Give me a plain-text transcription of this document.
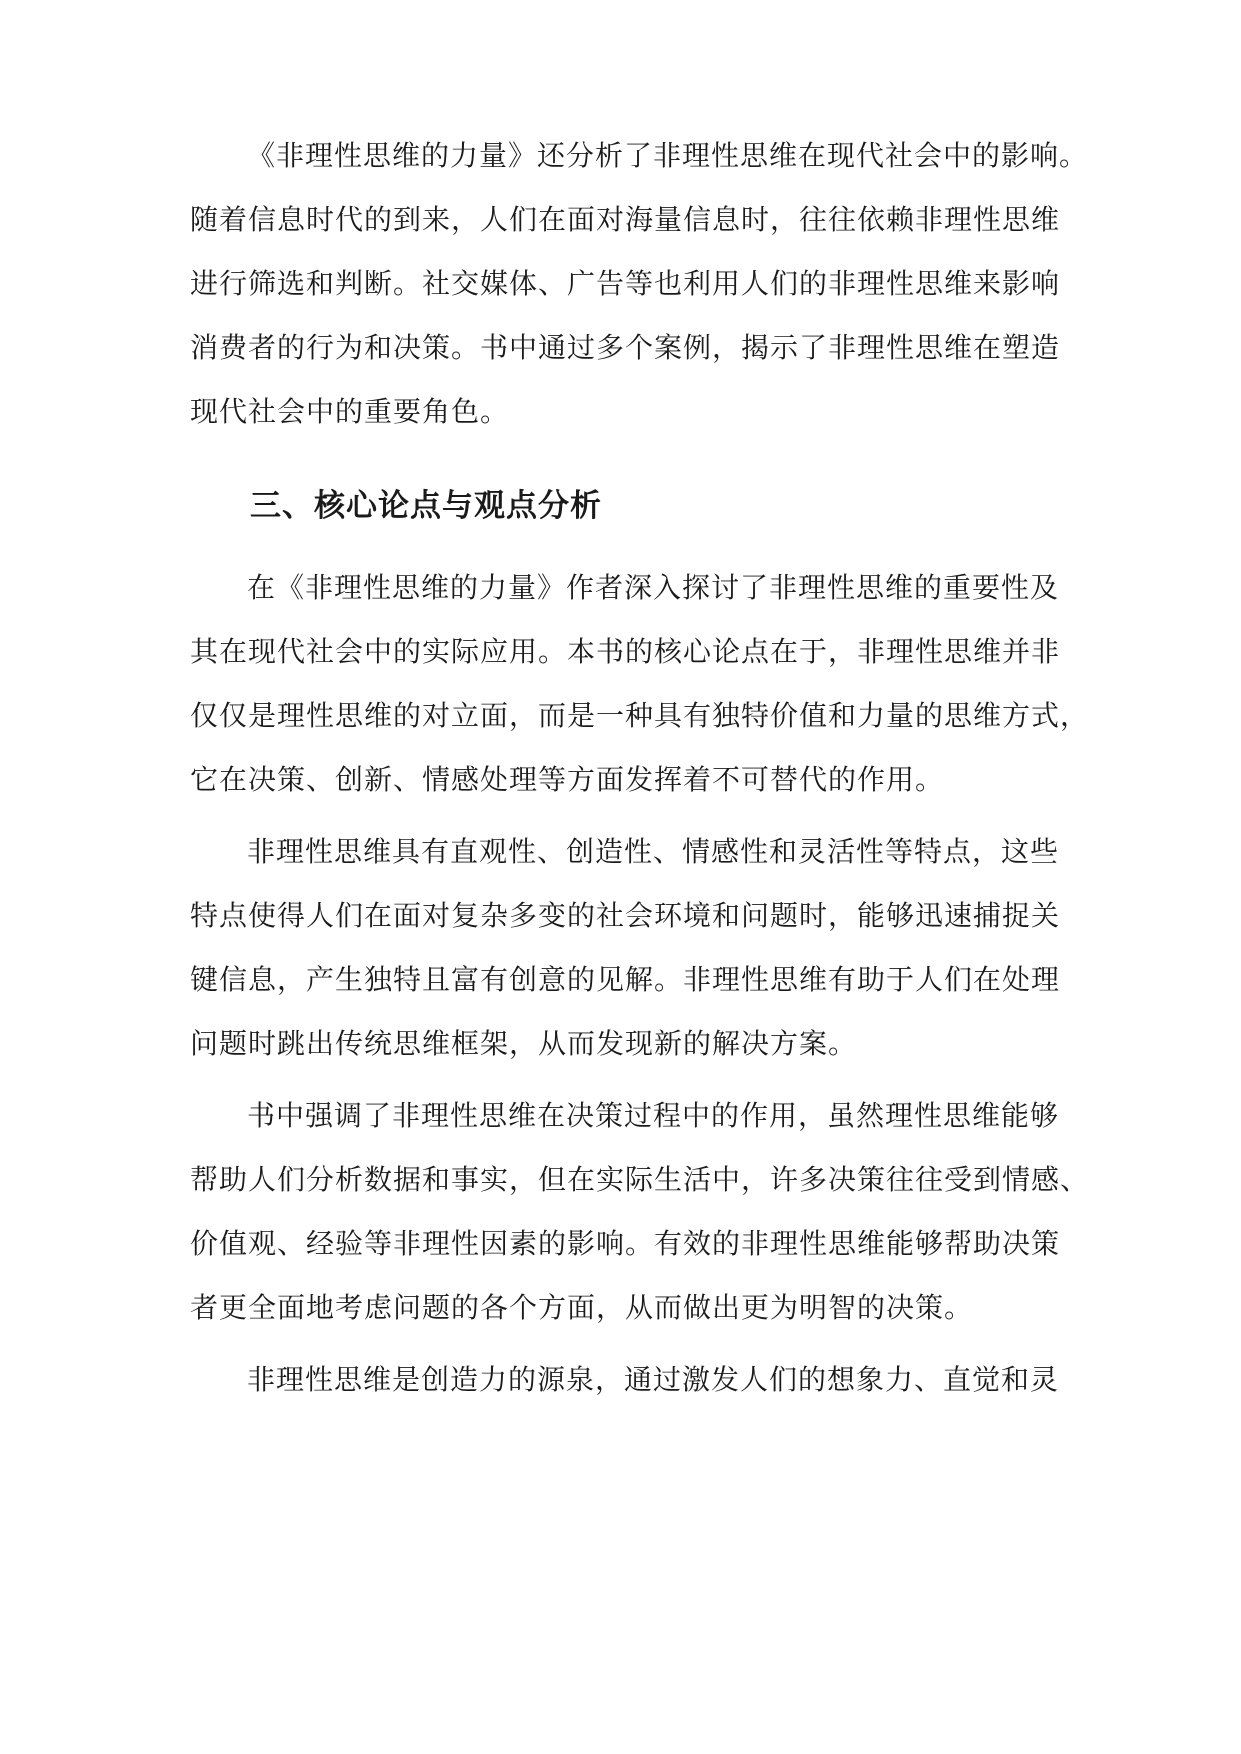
《非理性思维的力量》还分析了非理性思维在现代社会中的影响。
随着信息时代的到来，人们在面对海量信息时，往往依赖非理性思维
进行筛选和判断。社交媒体、广告等也利用人们的非理性思维来影响
消费者的行为和决策。书中通过多个案例，揭示了非理性思维在塑造
现代社会中的重要角色。
三、核心论点与观点分析
在《非理性思维的力量》作者深入探讨了非理性思维的重要性及
其在现代社会中的实际应用。本书的核心论点在于，非理性思维并非
仅仅是理性思维的对立面，而是一种具有独特价值和力量的思维方式，
它在决策、创新、情感处理等方面发挥着不可替代的作用。
非理性思维具有直观性、创造性、情感性和灵活性等特点，这些
特点使得人们在面对复杂多变的社会环境和问题时，能够迅速捕捉关
键信息，产生独特且富有创意的见解。非理性思维有助于人们在处理
问题时跳出传统思维框架，从而发现新的解决方案。
书中强调了非理性思维在决策过程中的作用，虽然理性思维能够
帮助人们分析数据和事实，但在实际生活中，许多决策往往受到情感、
价值观、经验等非理性因素的影响。有效的非理性思维能够帮助决策
者更全面地考虑问题的各个方面，从而做出更为明智的决策。
非理性思维是创造力的源泉，通过激发人们的想象力、直觉和灵
